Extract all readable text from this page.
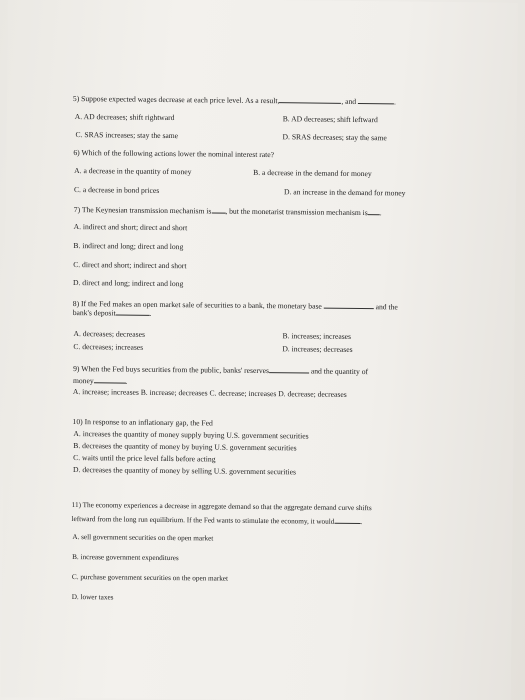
5) Suppose expected wages decrease at each price level. As a result,	, and	.
A. AD decreases; shift rightward	B. AD decreases; shift leftward
C. SRAS increases; stay the same	D. SRAS decreases; stay the same
6) Which of the following actions lower the nominal interest rate?
A. a decrease in the quantity of money	B. a decrease in the demand for money
C. a decrease in bond prices	D. an increase in the demand for money
7) The Keynesian transmission mechanism is , but the monetarist transmission mechanism is .
A. indirect and short; direct and short
B. indirect and long; direct and long
C. direct and short; indirect and short
D. direct and long; indirect and long
8) If the Fed makes an open market sale of securities to a bank, the monetary base	and the
bank's deposit	.
A. decreases; decreases	B. increases; increases
C. decreases; increases	D. increases; decreases
9) When the Fed buys securities from the public, banks' reserves	and the quantity of
money	.
A. increase; increases B. increase; decreases C. decrease; increases D. decrease; decreases
10) In response to an inflationary gap, the Fed
A. increases the quantity of money supply buying U.S. government securities
B. decreases the quantity of money by buying U.S. government securities
C. waits until the price level falls before acting
D. decreases the quantity of money by selling U.S. government securities
11) The economy experiences a decrease in aggregate demand so that the aggregate demand curve shifts
leftward from the long run equilibrium. If the Fed wants to stimulate the economy, it would	.
A. sell government securities on the open market
B. increase government expenditures
C. purchase government securities on the open market
D. lower taxes
